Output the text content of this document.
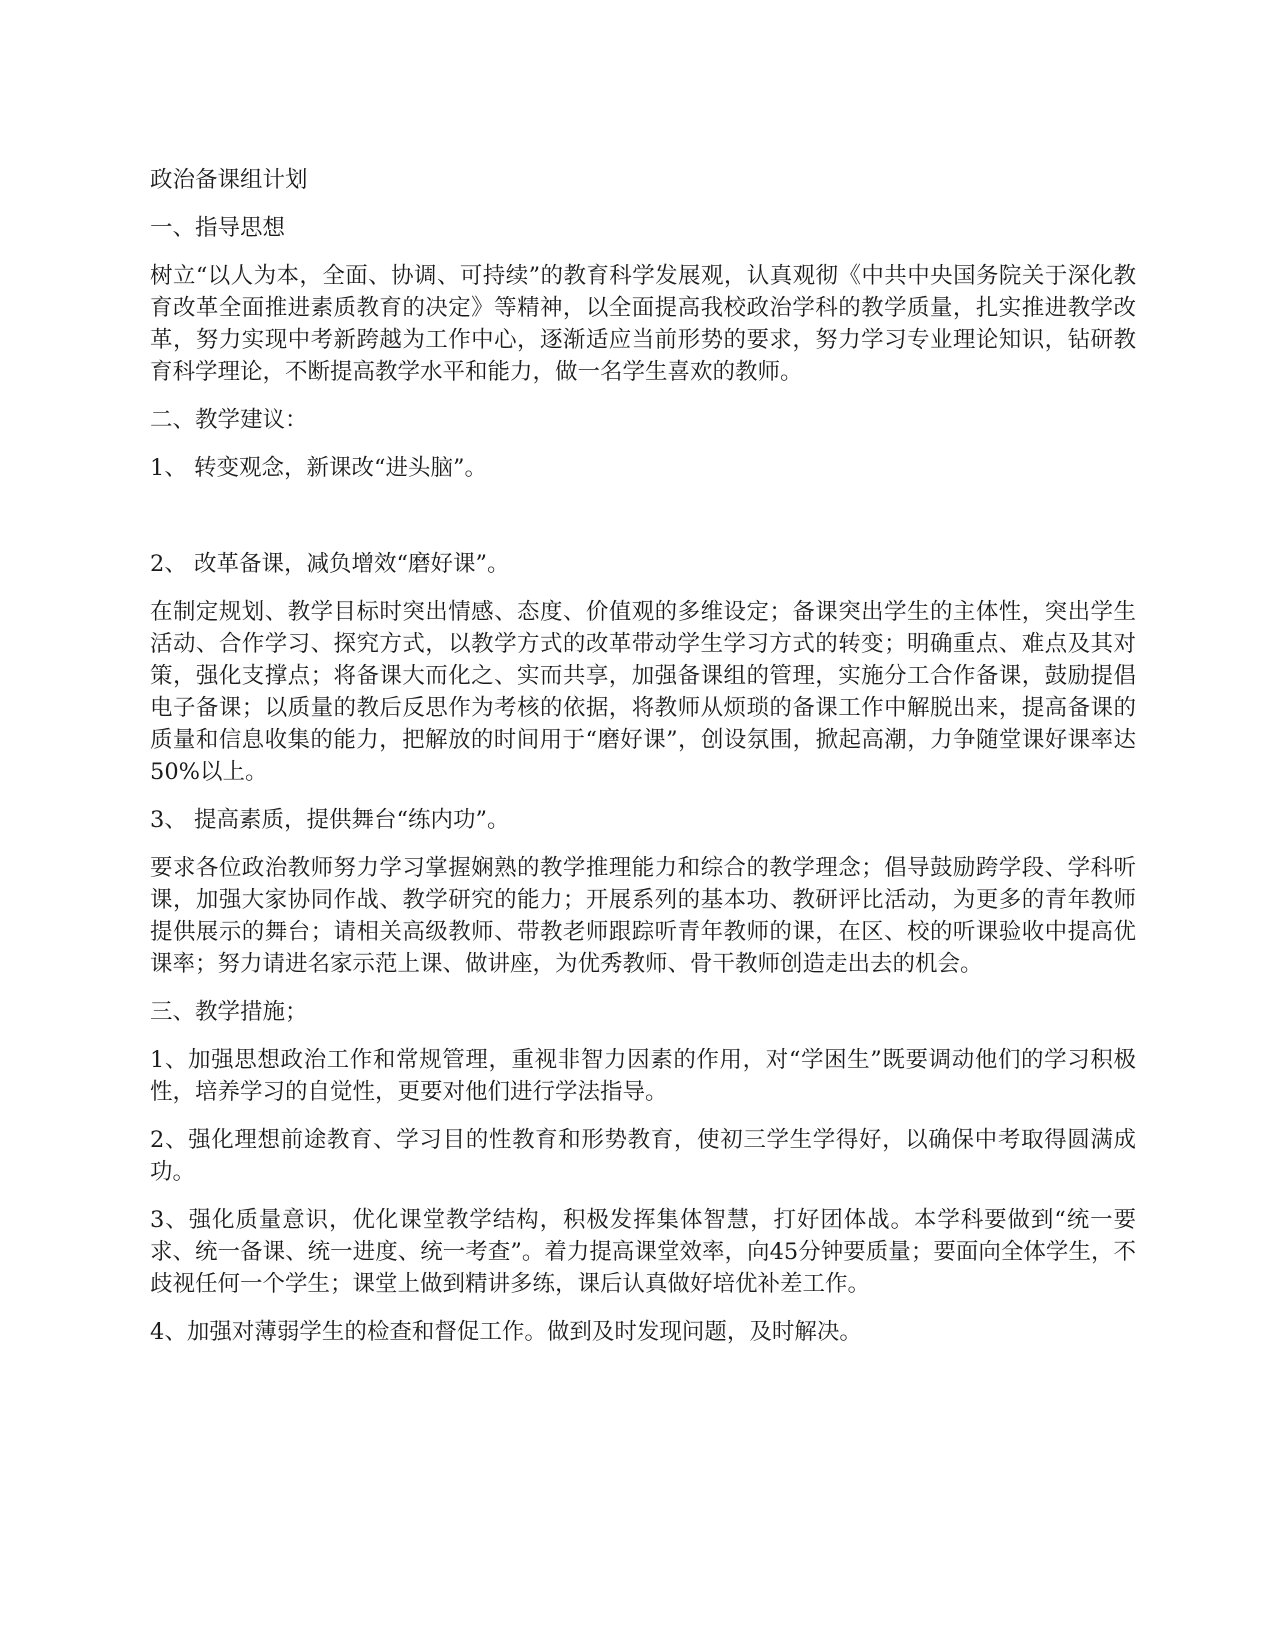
政治备课组计划

一、指导思想

树立“以人为本，全面、协调、可持续”的教育科学发展观，认真观彻《中共中央国务院关于深化教育改革全面推进素质教育的决定》等精神，以全面提高我校政治学科的教学质量，扎实推进教学改革，努力实现中考新跨越为工作中心，逐渐适应当前形势的要求，努力学习专业理论知识，钻研教育科学理论，不断提高教学水平和能力，做一名学生喜欢的教师。

二、教学建议：

1、 转变观念，新课改“进头脑”。

2、 改革备课，减负增效“磨好课”。

在制定规划、教学目标时突出情感、态度、价值观的多维设定；备课突出学生的主体性，突出学生活动、合作学习、探究方式，以教学方式的改革带动学生学习方式的转变；明确重点、难点及其对策，强化支撑点；将备课大而化之、实而共享，加强备课组的管理，实施分工合作备课，鼓励提倡电子备课；以质量的教后反思作为考核的依据，将教师从烦琐的备课工作中解脱出来，提高备课的质量和信息收集的能力，把解放的时间用于“磨好课”，创设氛围，掀起高潮，力争随堂课好课率达50%以上。

3、 提高素质，提供舞台“练内功”。

要求各位政治教师努力学习掌握娴熟的教学推理能力和综合的教学理念；倡导鼓励跨学段、学科听课，加强大家协同作战、教学研究的能力；开展系列的基本功、教研评比活动，为更多的青年教师提供展示的舞台；请相关高级教师、带教老师跟踪听青年教师的课，在区、校的听课验收中提高优课率；努力请进名家示范上课、做讲座，为优秀教师、骨干教师创造走出去的机会。

三、教学措施；

1、加强思想政治工作和常规管理，重视非智力因素的作用，对“学困生”既要调动他们的学习积极性，培养学习的自觉性，更要对他们进行学法指导。

2、强化理想前途教育、学习目的性教育和形势教育，使初三学生学得好，以确保中考取得圆满成功。

3、强化质量意识，优化课堂教学结构，积极发挥集体智慧，打好团体战。本学科要做到“统一要求、统一备课、统一进度、统一考查”。着力提高课堂效率，向45分钟要质量；要面向全体学生，不歧视任何一个学生；课堂上做到精讲多练，课后认真做好培优补差工作。

4、加强对薄弱学生的检查和督促工作。做到及时发现问题，及时解决。
